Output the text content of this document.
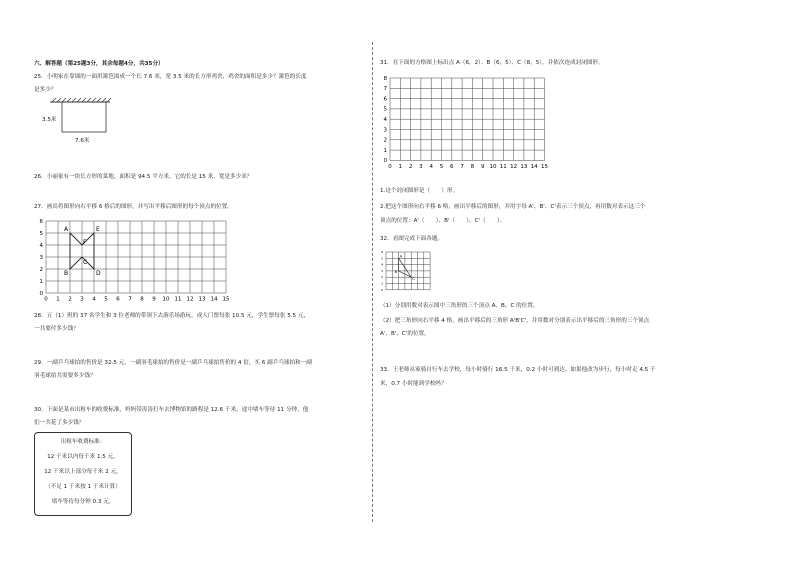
六、解答题（第25题3分，其余每题4分，共35分）
25．小明家在靠墙的一面用篱笆围成一个长 7.6 米，宽 3.5 米的长方形鸡舍，鸡舍的面积是多少？篱笆的长度
是多少？
3.5米
7.6米
26．小丽家有一块长方形的菜地，面积是 94.5 平方米，它的长是 15 米，宽是多少米？
27．画出将图形向右平移 6 格后的图形，并写出平移后图形的每个顶点的位置。
0 1 2 3 4 5 6 7 8 9 10 11 12 13 14 15
0
1
2
3
4
5
6
A	E
F
B
C
D
28．五（1）班的 37 名学生和 3 位老师的带领下去游乐场游玩，成人门票每张 10.5 元，学生票每张 5.5 元，
一共要付多少钱？
29．一副乒乓球拍的售价是 32.5 元，一副羽毛球拍的售价是一副乒乓球拍售价的 4 倍，买 6 副乒乓球拍和一副
羽毛球拍共需要多少钱？
30．下面是某市出租车的收费标准，妈妈带涛涛打车去博物馆的路程是 12.6 千米，途中堵车等待 11 分钟，他
们一共花了多少钱？
出租车收费标准：
12 千米以内每千米 1.5 元，
12 千米以上部分每千米 2 元，
（不足 1 千米按 1 千米计算）
堵车等待每分钟 0.3 元。
31．在下面的方格图上标出点 A（6，2）、B（6，5）、C（8，5），并依次连成封闭图形。
0 1 2 3 4 5 6 7 8 9 10 11 12 13 14 15
0
1
2
3
4
5
6
7
8
1.这个封闭图形是（　　）形。
2.把这个图形向右平移 6 格，画出平移后的图形，并用字母 A'、B'、C'表示三个顶点，再用数对表示这三个
顶点的位置：A'（　　）、B'（　　）、C'（　　）。
32．看图完成下面各题。
0
1
2
3
4
5
6
A
B
C
（1）分别用数对表示图中三角形的三个顶点 A、B、C 的位置。
（2）把三角形向右平移 4 格，画出平移后的三角形 A'B'C'，并用数对分别表示出平移后的三角形的三个顶点
A'、B'、C'的位置。
33．王老师从家骑自行车去学校，每小时骑行 16.5 千米，0.2 小时可到达。如果他改为步行，每小时走 4.5 千
米，0.7 小时能到学校吗？
